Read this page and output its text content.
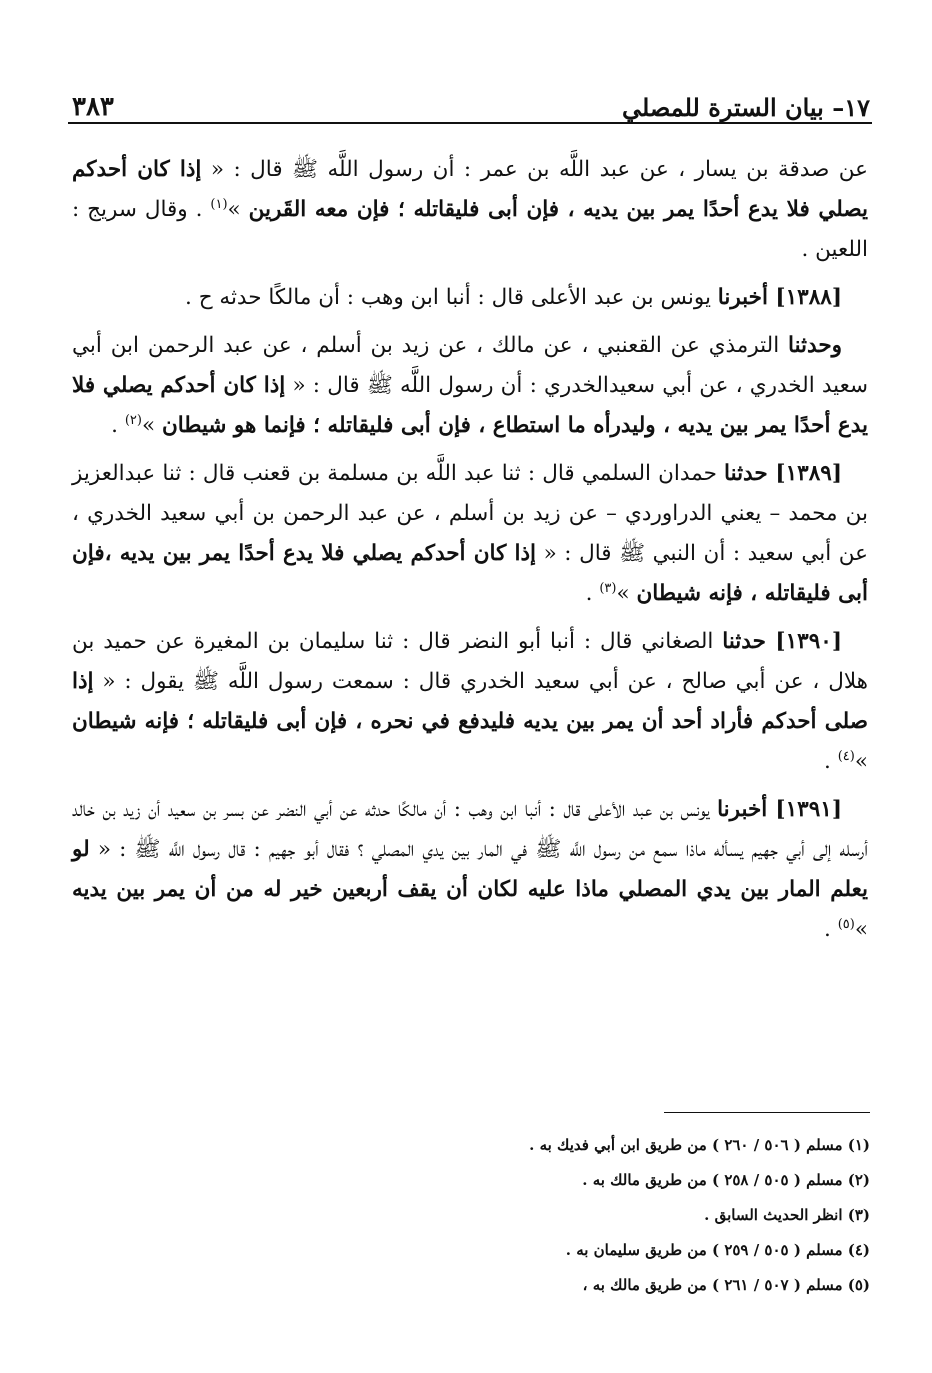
٣٨٣	١٧– بيان السترة للمصلي

عن صدقة بن يسار ، عن عبد اللَّه بن عمر : أن رسول اللَّه ﷺ قال : « إذا كان أحدكم يصلي فلا يدع أحدًا يمر بين يديه ، فإن أبى فليقاتله ؛ فإن معه القَرين »$^{(١)}$ . وقال سريج : اللعين .

[١٣٨٨] أخبرنا يونس بن عبد الأعلى قال : أنبا ابن وهب : أن مالكًا حدثه ح .

وحدثنا الترمذي عن القعنبي ، عن مالك ، عن زيد بن أسلم ، عن عبد الرحمن ابن أبي سعيد الخدري ، عن أبي سعيدالخدري : أن رسول اللَّه ﷺ قال : « إذا كان أحدكم يصلي فلا يدع أحدًا يمر بين يديه ، وليدرأه ما استطاع ، فإن أبى فليقاتله ؛ فإنما هو شيطان »$^{(٢)}$ .

[١٣٨٩] حدثنا حمدان السلمي قال : ثنا عبد اللَّه بن مسلمة بن قعنب قال : ثنا عبدالعزيز بن محمد – يعني الدراوردي – عن زيد بن أسلم ، عن عبد الرحمن بن أبي سعيد الخدري ، عن أبي سعيد : أن النبي ﷺ قال : « إذا كان أحدكم يصلي فلا يدع أحدًا يمر بين يديه ،فإن أبى فليقاتله ، فإنه شيطان »$^{(٣)}$ .

[١٣٩٠] حدثنا الصغاني قال : أنبا أبو النضر قال : ثنا سليمان بن المغيرة عن حميد بن هلال ، عن أبي صالح ، عن أبي سعيد الخدري قال : سمعت رسول اللَّه ﷺ يقول : « إذا صلى أحدكم فأراد أحد أن يمر بين يديه فليدفع في نحره ، فإن أبى فليقاتله ؛ فإنه شيطان »$^{(٤)}$ .

[١٣٩١] أخبرنا يونس بن عبد الأعلى قال : أنبا ابن وهب : أن مالكًا حدثه عن أبي النضر عن بسر بن سعيد أن زيد بن خالد أرسله إلى أبي جهيم يسأله ماذا سمع من رسول اللَّه ﷺ في المار بين يدي المصلي ؟ فقال أبو جهيم : قال رسول اللَّه ﷺ : « لو يعلم المار بين يدي المصلي ماذا عليه لكان أن يقف أربعين خير له من أن يمر بين يديه »$^{(٥)}$ .

(١) مسلم ( ٥٠٦ / ٢٦٠ ) من طريق ابن أبي فديك به .

(٢) مسلم ( ٥٠٥ / ٢٥٨ ) من طريق مالك به .

(٣) انظر الحديث السابق .

(٤) مسلم ( ٥٠٥ / ٢٥٩ ) من طريق سليمان به .

(٥) مسلم ( ٥٠٧ / ٢٦١ ) من طريق مالك به ،
